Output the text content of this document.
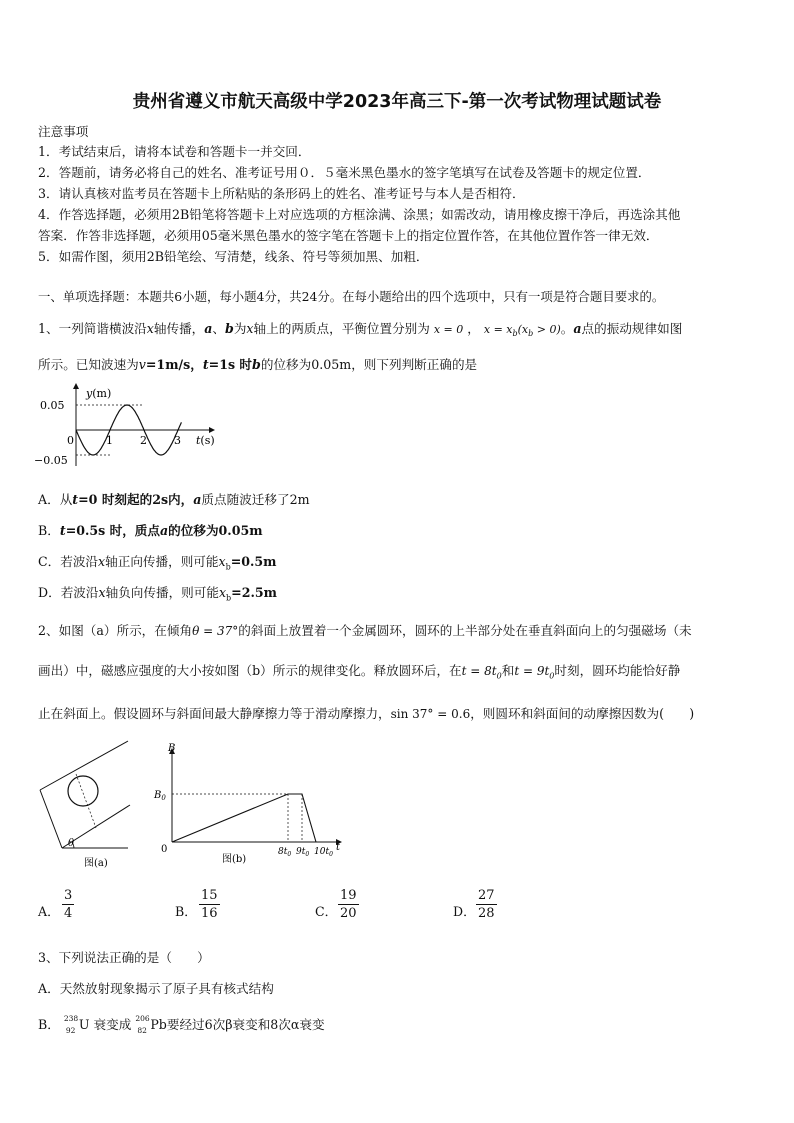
贵州省遵义市航天高级中学2023年高三下-第一次考试物理试题试卷
注意事项
1．考试结束后，请将本试卷和答题卡一并交回．
2．答题前，请务必将自己的姓名、准考证号用０．５毫米黑色墨水的签字笔填写在试卷及答题卡的规定位置．
3．请认真核对监考员在答题卡上所粘贴的条形码上的姓名、准考证号与本人是否相符．
4．作答选择题，必须用2B铅笔将答题卡上对应选项的方框涂满、涂黑；如需改动，请用橡皮擦干净后，再选涂其他
答案．作答非选择题，必须用05毫米黑色墨水的签字笔在答题卡上的指定位置作答，在其他位置作答一律无效．
5．如需作图，须用2B铅笔绘、写清楚，线条、符号等须加黑、加粗．
一、单项选择题：本题共6小题，每小题4分，共24分。在每小题给出的四个选项中，只有一项是符合题目要求的。
1、一列简谐横波沿x轴传播，a、b为x轴上的两质点，平衡位置分别为 x = 0 ， $x = x_b(x_b > 0)$。a点的振动规律如图
所示。已知波速为v=1m/s，t=1s 时b的位移为0.05m，则下列判断正确的是
y(m)
0.05
−0.05
0	1 2 3 t(s)
A．从t=0 时刻起的2s内，a质点随波迁移了2m
B．t=0.5s 时，质点a的位移为0.05m
C．若波沿x轴正向传播，则可能$x_b=0.5m$
D．若波沿x轴负向传播，则可能$x_b=2.5m$
2、如图（a）所示，在倾角θ = 37°的斜面上放置着一个金属圆环，圆环的上半部分处在垂直斜面向上的匀强磁场（未
画出）中，磁感应强度的大小按如图（b）所示的规律变化。释放圆环后，在$t = 8t_0$和$t = 9t_0$时刻，圆环均能恰好静
止在斜面上。假设圆环与斜面间最大静摩擦力等于滑动摩擦力，sin 37° = 0.6，则圆环和斜面间的动摩擦因数为(　　)
θ
图(a)
B
t
$B_0$
0	$8t_0$ $9t_0$ $10t_0$
图(b)
A． $\frac{3}{4}$	B． $\frac{15}{16}$	C． $\frac{19}{20}$	D． $\frac{27}{28}$
3、下列说法正确的是（　　）
A．天然放射现象揭示了原子具有核式结构
B． 238
92 U 衰变成 206
82 Pb要经过6次β衰变和8次α衰变
